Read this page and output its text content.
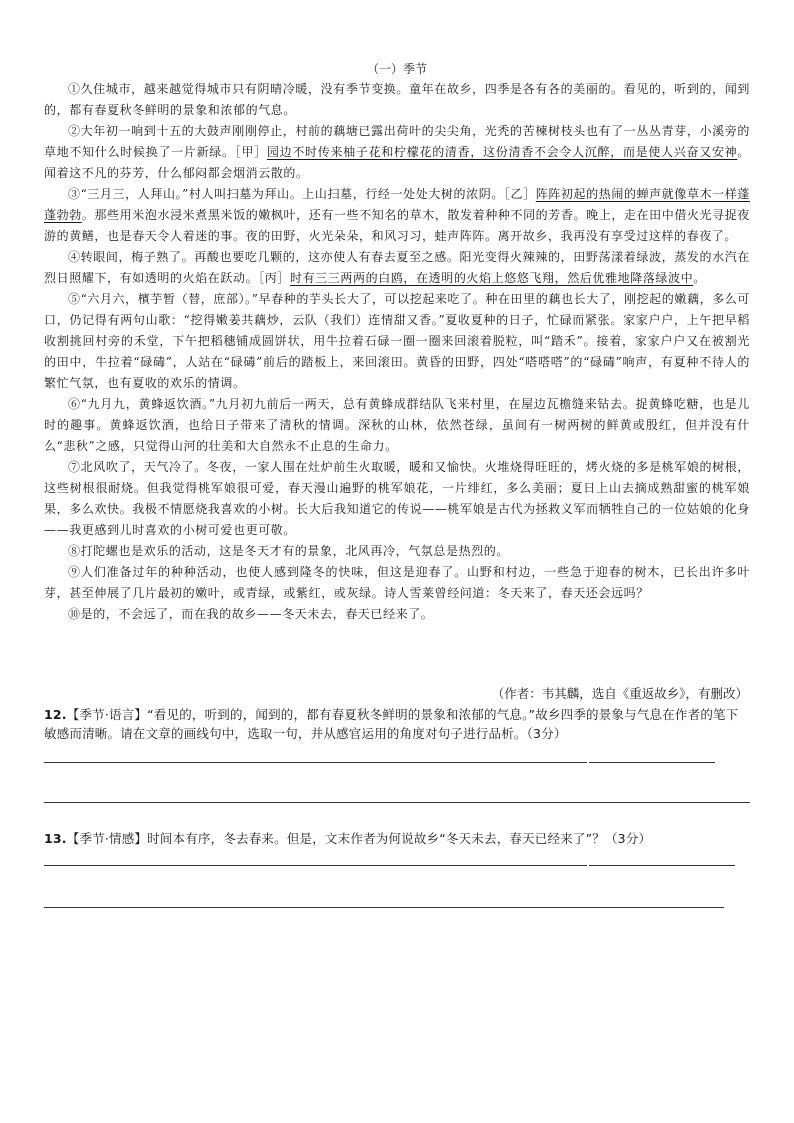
（一）季节

①久住城市，越来越觉得城市只有阴晴冷暖，没有季节变换。童年在故乡，四季是各有各的美丽的。看见的，听到的，闻到的，都有春夏秋冬鲜明的景象和浓郁的气息。

②大年初一响到十五的大鼓声刚刚停止，村前的藕塘已露出荷叶的尖尖角，光秃的苦楝树枝头也有了一丛丛青芽，小溪旁的草地不知什么时候换了一片新绿。［甲］园边不时传来柚子花和柠檬花的清香，这份清香不会令人沉醉，而是使人兴奋又安神。闻着这不凡的芬芳，什么郁闷都会烟消云散的。

③“三月三，人拜山。”村人叫扫墓为拜山。上山扫墓，行经一处处大树的浓阴。［乙］阵阵初起的热闹的蝉声就像草木一样蓬蓬勃勃。那些用米泡水浸米煮黑米饭的嫩枫叶，还有一些不知名的草木，散发着种种不同的芳香。晚上，走在田中借火光寻捉夜游的黄鳝，也是春天令人着迷的事。夜的田野，火光朵朵，和风习习，蛙声阵阵。离开故乡，我再没有享受过这样的春夜了。

④转眼间，梅子熟了。再酸也要吃几颗的，这亦使人有春去夏至之感。阳光变得火辣辣的，田野荡漾着绿波，蒸发的水汽在烈日照耀下，有如透明的火焰在跃动。［丙］时有三三两两的白鸥，在透明的火焰上悠悠飞翔，然后优雅地降落绿波中。

⑤“六月六，檳芋暂（替，庶部）。”早春种的芋头长大了，可以挖起来吃了。种在田里的藕也长大了，刚挖起的嫩藕，多么可口，仍记得有两句山歌：“挖得嫩姜共藕炒，云队（我们）连情甜又香。”夏收夏种的日子，忙碌而紧张。家家户户，上午把早稻收割挑回村旁的禾堂，下午把稻穗铺成圆饼状，用牛拉着石碌一圈一圈来回滚着脱粒，叫“踏禾”。接着，家家户户又在被割光的田中，牛拉着“碌碡”，人站在“碌碡”前后的踏板上，来回滚田。黄昏的田野，四处“嗒嗒嗒”的“碌碡”响声，有夏种不待人的繁忙气氛，也有夏收的欢乐的情调。

⑥“九月九，黄蜂返饮酒。”九月初九前后一两天，总有黄蜂成群结队飞来村里，在屋边瓦檐缝来钻去。捉黄蜂吃糖，也是儿时的趣事。黄蜂返饮酒，也给日子带来了清秋的情调。深秋的山林，依然苍绿，虽间有一树两树的鲜黄或殷红，但并没有什么“悲秋”之感，只觉得山河的壮美和大自然永不止息的生命力。

⑦北风吹了，天气冷了。冬夜，一家人围在灶炉前生火取暖，暖和又愉快。火堆烧得旺旺的，烤火烧的多是桃军娘的树根，这些树根很耐烧。但我觉得桃军娘很可爱，春天漫山遍野的桃军娘花，一片绯红，多么美丽；夏日上山去摘成熟甜蜜的桃军娘果，多么欢快。我极不情愿烧我喜欢的小树。长大后我知道它的传说——桃军娘是古代为拯救义军而牺牲自己的一位姑娘的化身——我更感到儿时喜欢的小树可爱也更可敬。

⑧打陀螺也是欢乐的活动，这是冬天才有的景象，北风再冷，气氛总是热烈的。

⑨人们准备过年的种种活动，也使人感到隆冬的快味，但这是迎春了。山野和村边，一些急于迎春的树木，已长出许多叶芽，甚至伸展了几片最初的嫩叶，或青绿，或紫红，或灰绿。诗人雪莱曾经问道：冬天来了，春天还会远吗？

⑩是的，不会远了，而在我的故乡——冬天未去，春天已经来了。

（作者：韦其麟，选自《重返故乡》，有删改）
12.【季节·语言】“看见的，听到的，闻到的，都有春夏秋冬鲜明的景象和浓郁的气息。”故乡四季的景象与气息在作者的笔下敏感而清晰。请在文章的画线句中，选取一句，并从感官运用的角度对句子进行品析。（3分）
13.【季节·情感】时间本有序，冬去春来。但是，文末作者为何说故乡“冬天未去，春天已经来了”？（3分）
